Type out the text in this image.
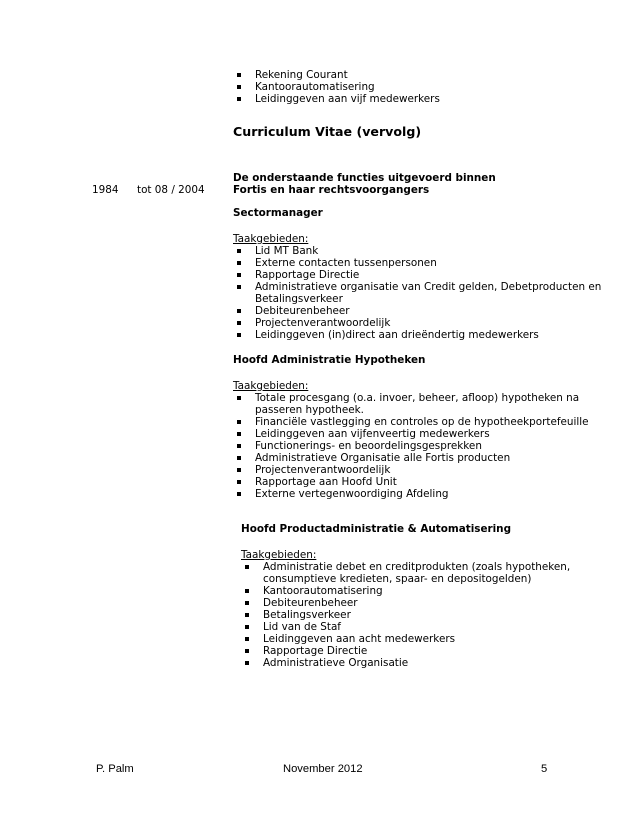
Rekening Courant
Kantoorautomatisering
Leidinggeven aan vijf medewerkers
Curriculum Vitae (vervolg)
1984 tot 08 / 2004
De onderstaande functies uitgevoerd binnen Fortis en haar rechtsvoorgangers
Sectormanager
Taakgebieden:
Lid MT Bank
Externe contacten tussenpersonen
Rapportage Directie
Administratieve organisatie van Credit gelden, Debetproducten en Betalingsverkeer
Debiteurenbeheer
Projectenverantwoordelijk
Leidinggeven (in)direct aan drieëndertig medewerkers
Hoofd Administratie Hypotheken
Taakgebieden:
Totale procesgang (o.a. invoer, beheer, afloop) hypotheken na passeren hypotheek.
Financiële vastlegging en controles op de hypotheekportefeuille
Leidinggeven aan vijfenveertig medewerkers
Functionerings- en beoordelingsgesprekken
Administratieve Organisatie alle Fortis producten
Projectenverantwoordelijk
Rapportage aan Hoofd Unit
Externe vertegenwoordiging Afdeling
Hoofd Productadministratie & Automatisering
Taakgebieden:
Administratie debet en creditprodukten (zoals hypotheken, consumptieve kredieten, spaar- en depositogelden)
Kantoorautomatisering
Debiteurenbeheer
Betalingsverkeer
Lid van de Staf
Leidinggeven aan acht medewerkers
Rapportage Directie
Administratieve Organisatie
P. Palm	November 2012	5
